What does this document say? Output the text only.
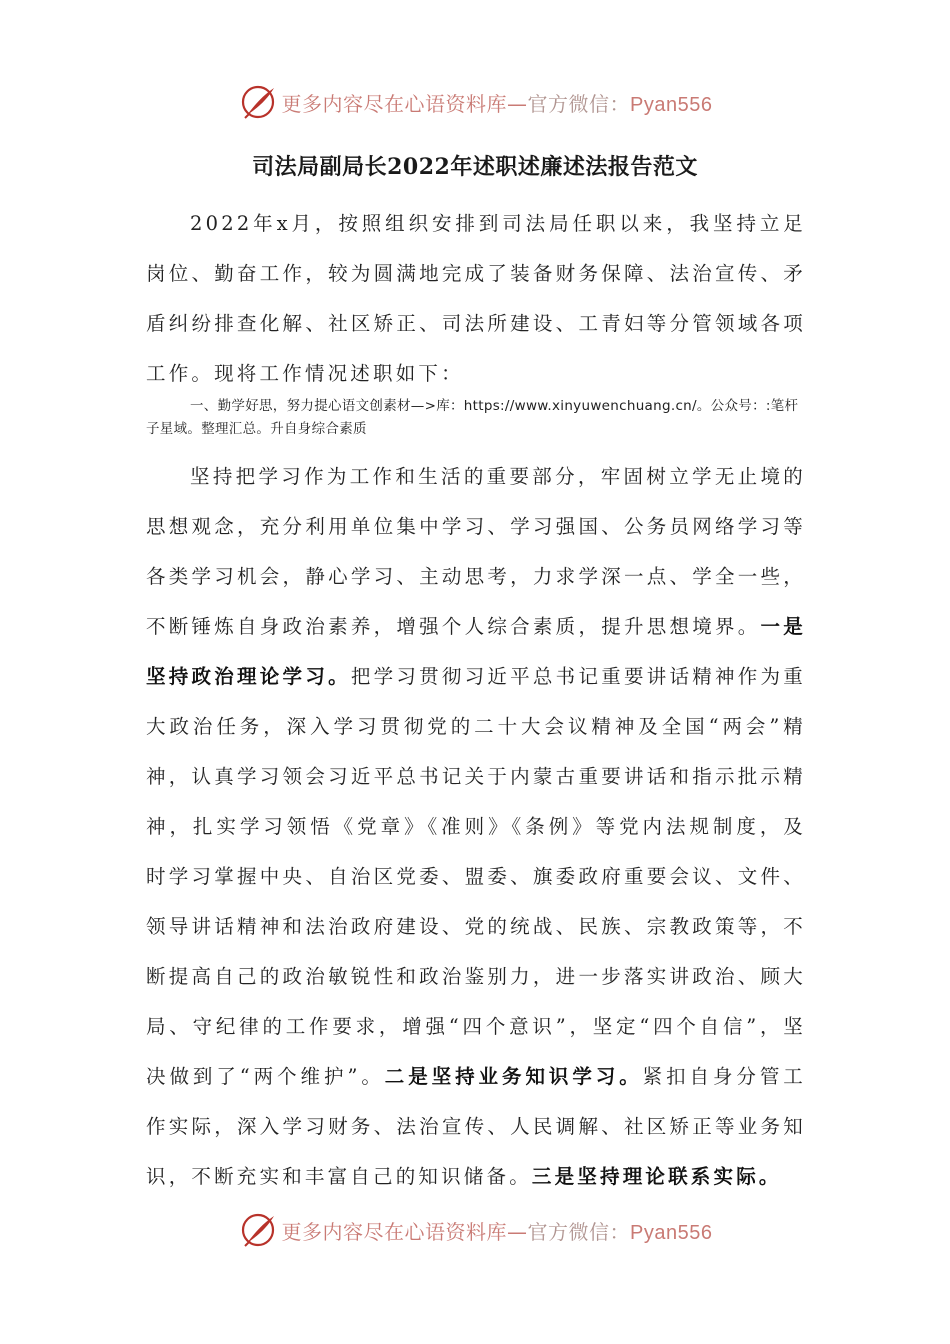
更多内容尽在心语资料库—官方微信：Pyan556
司法局副局长2022年述职述廉述法报告范文
2022年x月，按照组织安排到司法局任职以来，我坚持立足岗位、勤奋工作，较为圆满地完成了装备财务保障、法治宣传、矛盾纠纷排查化解、社区矫正、司法所建设、工青妇等分管领域各项工作。现将工作情况述职如下：
一、勤学好思，努力提心语文创素材—>库：https://www.xinyuwenchuang.cn/。公众号：:笔杆子星域。整理汇总。升自身综合素质
坚持把学习作为工作和生活的重要部分，牢固树立学无止境的思想观念，充分利用单位集中学习、学习强国、公务员网络学习等各类学习机会，静心学习、主动思考，力求学深一点、学全一些，不断锤炼自身政治素养，增强个人综合素质，提升思想境界。一是坚持政治理论学习。把学习贯彻习近平总书记重要讲话精神作为重大政治任务，深入学习贯彻党的二十大会议精神及全国“两会”精神，认真学习领会习近平总书记关于内蒙古重要讲话和指示批示精神，扎实学习领悟《党章》《准则》《条例》等党内法规制度，及时学习掌握中央、自治区党委、盟委、旗委政府重要会议、文件、领导讲话精神和法治政府建设、党的统战、民族、宗教政策等，不断提高自己的政治敏锐性和政治鉴别力，进一步落实讲政治、顾大局、守纪律的工作要求，增强“四个意识”，坚定“四个自信”，坚决做到了“两个维护”。二是坚持业务知识学习。紧扣自身分管工作实际，深入学习财务、法治宣传、人民调解、社区矫正等业务知识，不断充实和丰富自己的知识储备。三是坚持理论联系实际。
更多内容尽在心语资料库—官方微信：Pyan556
